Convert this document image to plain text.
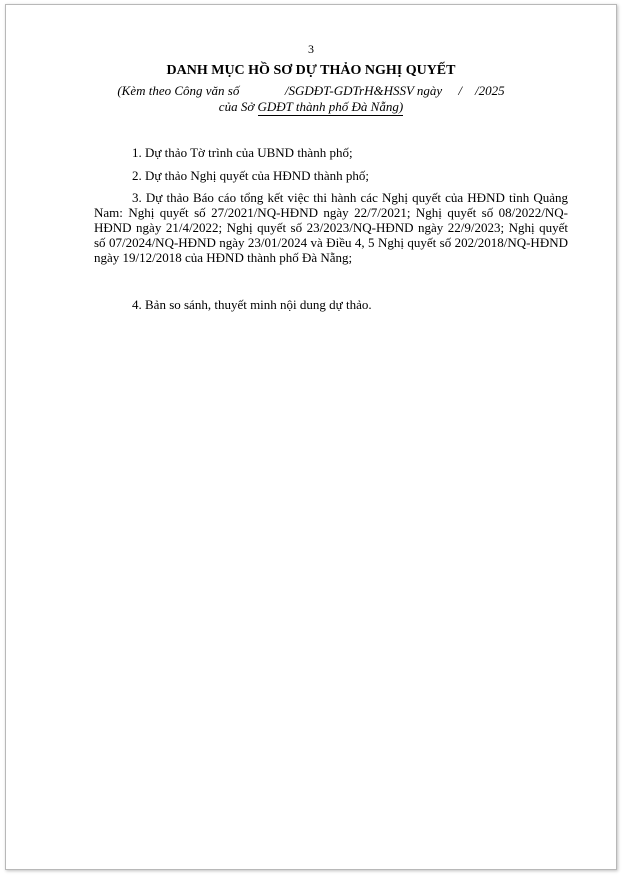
3
DANH MỤC HỒ SƠ DỰ THẢO NGHỊ QUYẾT
(Kèm theo Công văn số              /SGDĐT-GDTrH&HSSV ngày     /    /2025
của Sở GDĐT thành phố Đà Nẵng)
1. Dự thảo Tờ trình của UBND thành phố;
2. Dự thảo Nghị quyết của HĐND thành phố;
3. Dự thảo Báo cáo tổng kết việc thi hành các Nghị quyết của HĐND tỉnh Quảng Nam: Nghị quyết số 27/2021/NQ-HĐND ngày 22/7/2021; Nghị quyết số 08/2022/NQ-HĐND ngày 21/4/2022; Nghị quyết số 23/2023/NQ-HĐND ngày 22/9/2023; Nghị quyết số 07/2024/NQ-HĐND ngày 23/01/2024 và Điều 4, 5 Nghị quyết số 202/2018/NQ-HĐND ngày 19/12/2018 của HĐND thành phố Đà Nẵng;
4. Bản so sánh, thuyết minh nội dung dự thảo.
